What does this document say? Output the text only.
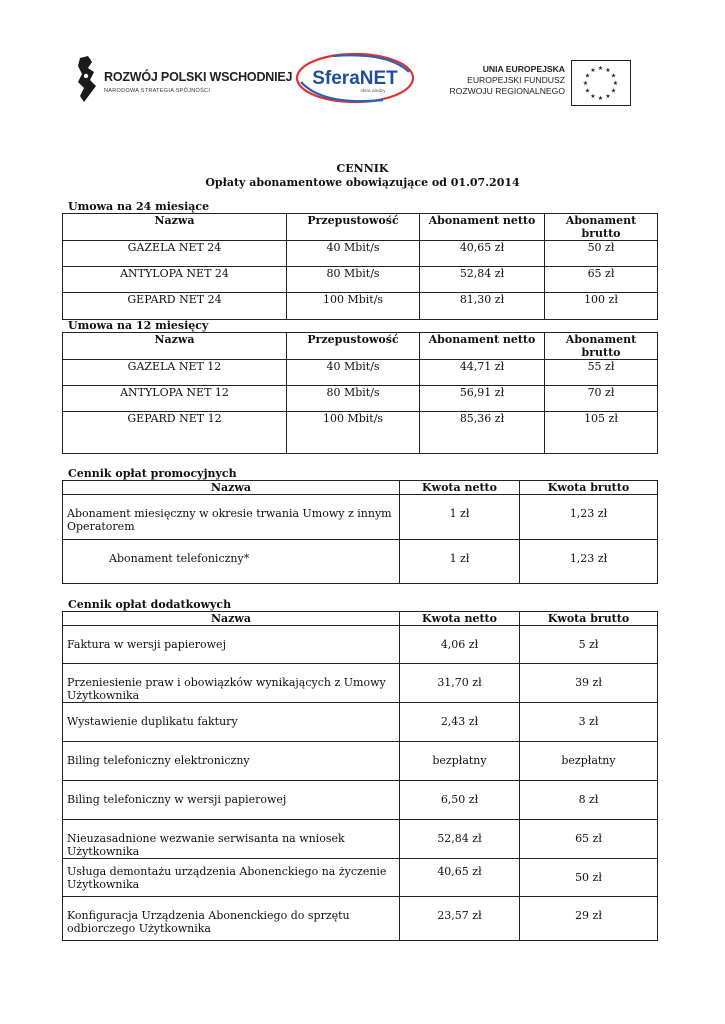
ROZWÓJ POLSKI WSCHODNIEJ
NARODOWA STRATEGIA SPÓJNOŚCI
SferaNET
sfera wiedzy
UNIA EUROPEJSKA
EUROPEJSKI FUNDUSZ
ROZWOJU REGIONALNEGO
★ ★
★
★
★
★
★
★
★
★
★
★
CENNIK
Opłaty abonamentowe obowiązujące od 01.07.2014
Umowa na 24 miesiące
Nazwa	Przepustowość	Abonament netto	Abonament brutto
GAZELA NET 24	40 Mbit/s	40,65 zł	50 zł
ANTYLOPA NET 24	80 Mbit/s	52,84 zł	65 zł
GEPARD NET 24	100 Mbit/s	81,30 zł	100 zł
Umowa na 12 miesięcy
Nazwa	Przepustowość	Abonament netto	Abonament brutto
GAZELA NET 12	40 Mbit/s	44,71 zł	55 zł
ANTYLOPA NET 12	80 Mbit/s	56,91 zł	70 zł
GEPARD NET 12	100 Mbit/s	85,36 zł	105 zł
Cennik opłat promocyjnych
Nazwa	Kwota netto	Kwota brutto
Abonament miesięczny w okresie trwania Umowy z innym Operatorem	1 zł	1,23 zł
Abonament telefoniczny*	1 zł	1,23 zł
Cennik opłat dodatkowych
Nazwa	Kwota netto	Kwota brutto
Faktura w wersji papierowej	4,06 zł	5 zł
Przeniesienie praw i obowiązków wynikających z Umowy Użytkownika	31,70 zł	39 zł
Wystawienie duplikatu faktury	2,43 zł	3 zł
Biling telefoniczny elektroniczny	bezpłatny	bezpłatny
Biling telefoniczny w wersji papierowej	6,50 zł	8 zł
Nieuzasadnione wezwanie serwisanta na wniosek Użytkownika	52,84 zł	65 zł
Usługa demontażu urządzenia Abonenckiego na życzenie Użytkownika	40,65 zł	50 zł
Konfiguracja Urządzenia Abonenckiego do sprzętu odbiorczego Użytkownika	23,57 zł	29 zł
